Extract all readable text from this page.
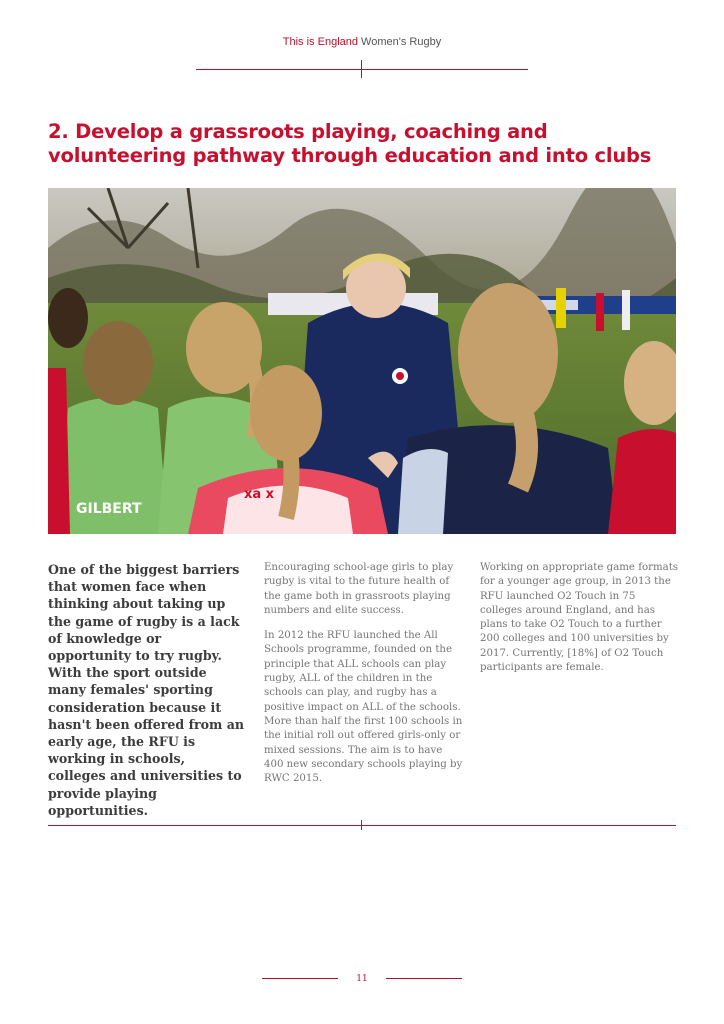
This is England Women's Rugby
2. Develop a grassroots playing, coaching and
volunteering pathway through education and into clubs
GILBERT
xa x

One of the biggest barriers that women face when thinking about taking up the game of rugby is a lack of knowledge or opportunity to try rugby. With the sport outside many females' sporting consideration because it hasn't been offered from an early age, the RFU is working in schools, colleges and universities to provide playing opportunities.

Encouraging school-age girls to play rugby is vital to the future health of the game both in grassroots playing numbers and elite success.

In 2012 the RFU launched the All Schools programme, founded on the principle that ALL schools can play rugby, ALL of the children in the schools can play, and rugby has a positive impact on ALL of the schools. More than half the first 100 schools in the initial roll out offered girls-only or mixed sessions. The aim is to have 400 new secondary schools playing by RWC 2015.

Working on appropriate game formats for a younger age group, in 2013 the RFU launched O2 Touch in 75 colleges around England, and has plans to take O2 Touch to a further 200 colleges and 100 universities by 2017. Currently, [18%] of O2 Touch participants are female.

11
